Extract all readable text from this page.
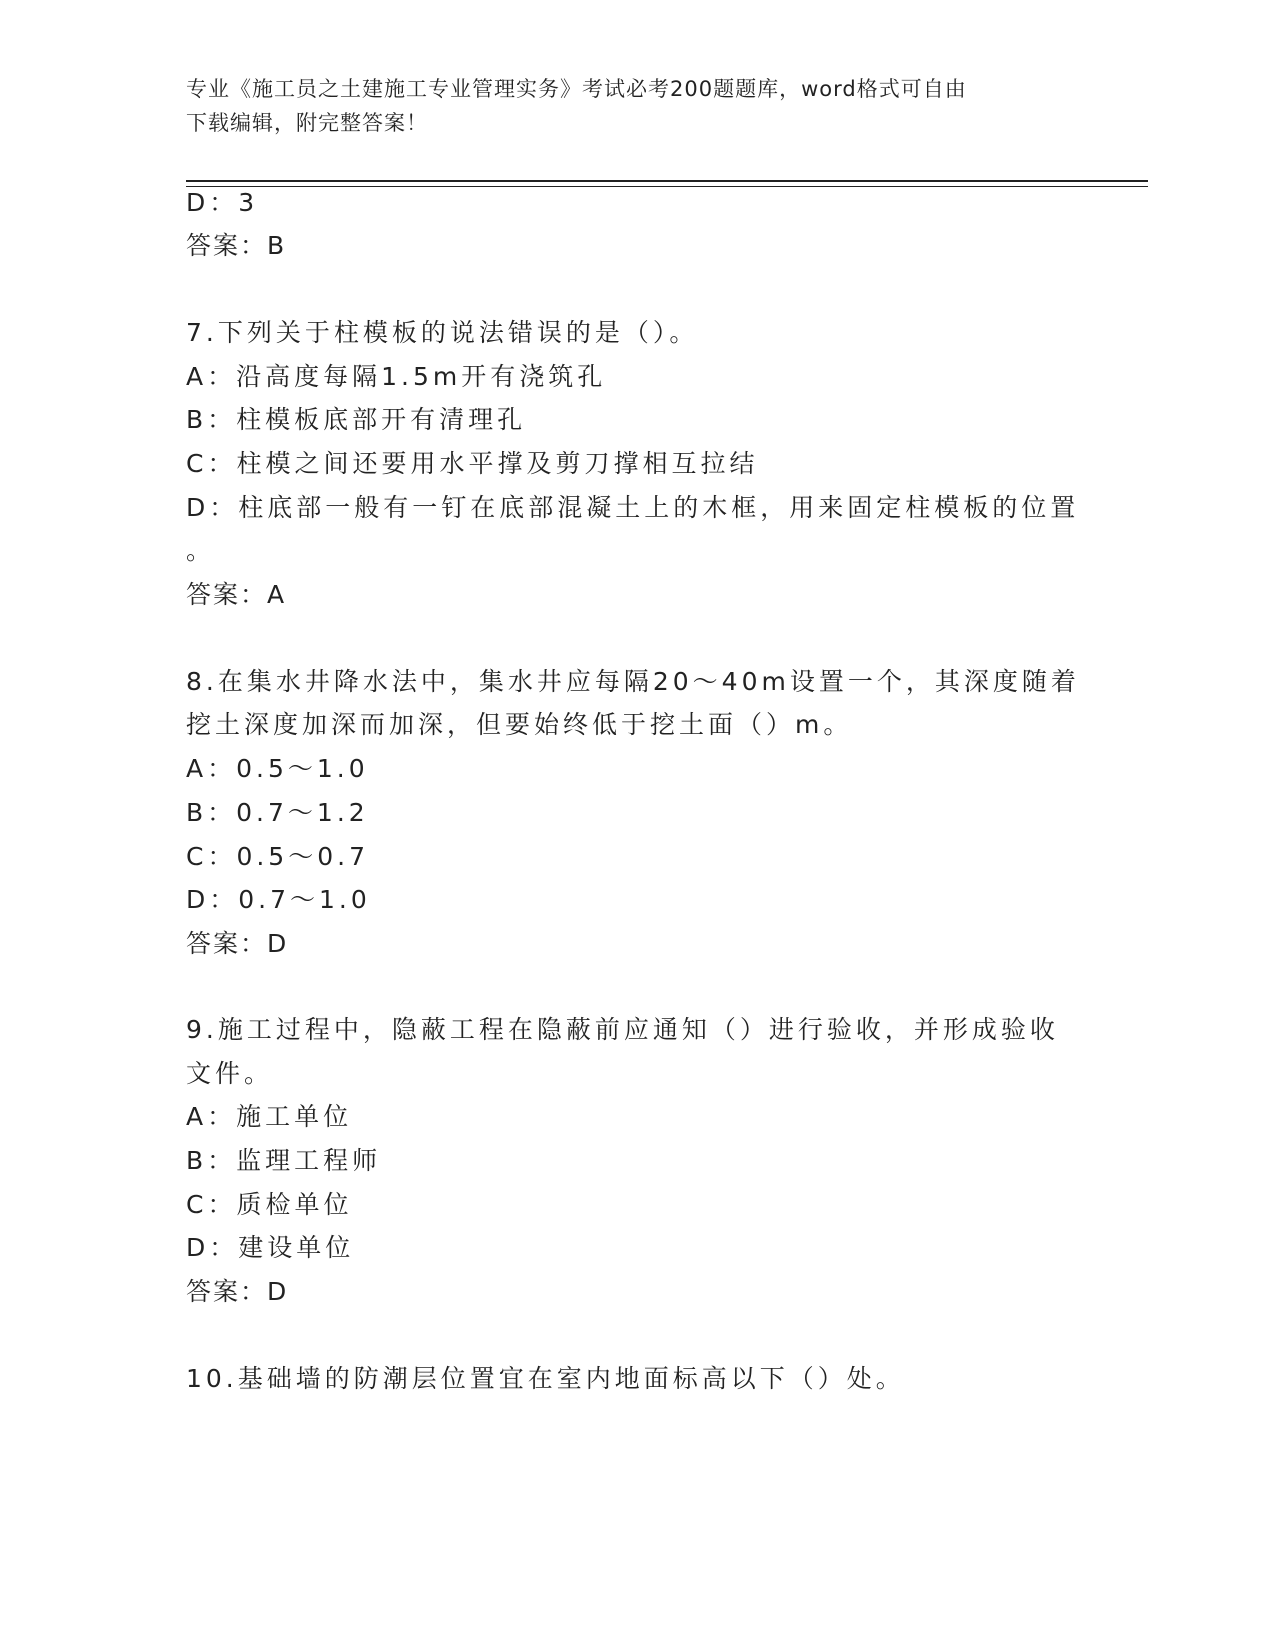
专业《施工员之土建施工专业管理实务》考试必考200题题库，word格式可自由
下载编辑，附完整答案！
D：3
答案：B
7.下列关于柱模板的说法错误的是（）。
A：沿高度每隔1.5m开有浇筑孔
B：柱模板底部开有清理孔
C：柱模之间还要用水平撑及剪刀撑相互拉结
D：柱底部一般有一钉在底部混凝土上的木框，用来固定柱模板的位置
。
答案：A
8.在集水井降水法中，集水井应每隔20～40m设置一个，其深度随着
挖土深度加深而加深，但要始终低于挖土面（）m。
A：0.5～1.0
B：0.7～1.2
C：0.5～0.7
D：0.7～1.0
答案：D
9.施工过程中，隐蔽工程在隐蔽前应通知（）进行验收，并形成验收
文件。
A：施工单位
B：监理工程师
C：质检单位
D：建设单位
答案：D
10.基础墙的防潮层位置宜在室内地面标高以下（）处。
